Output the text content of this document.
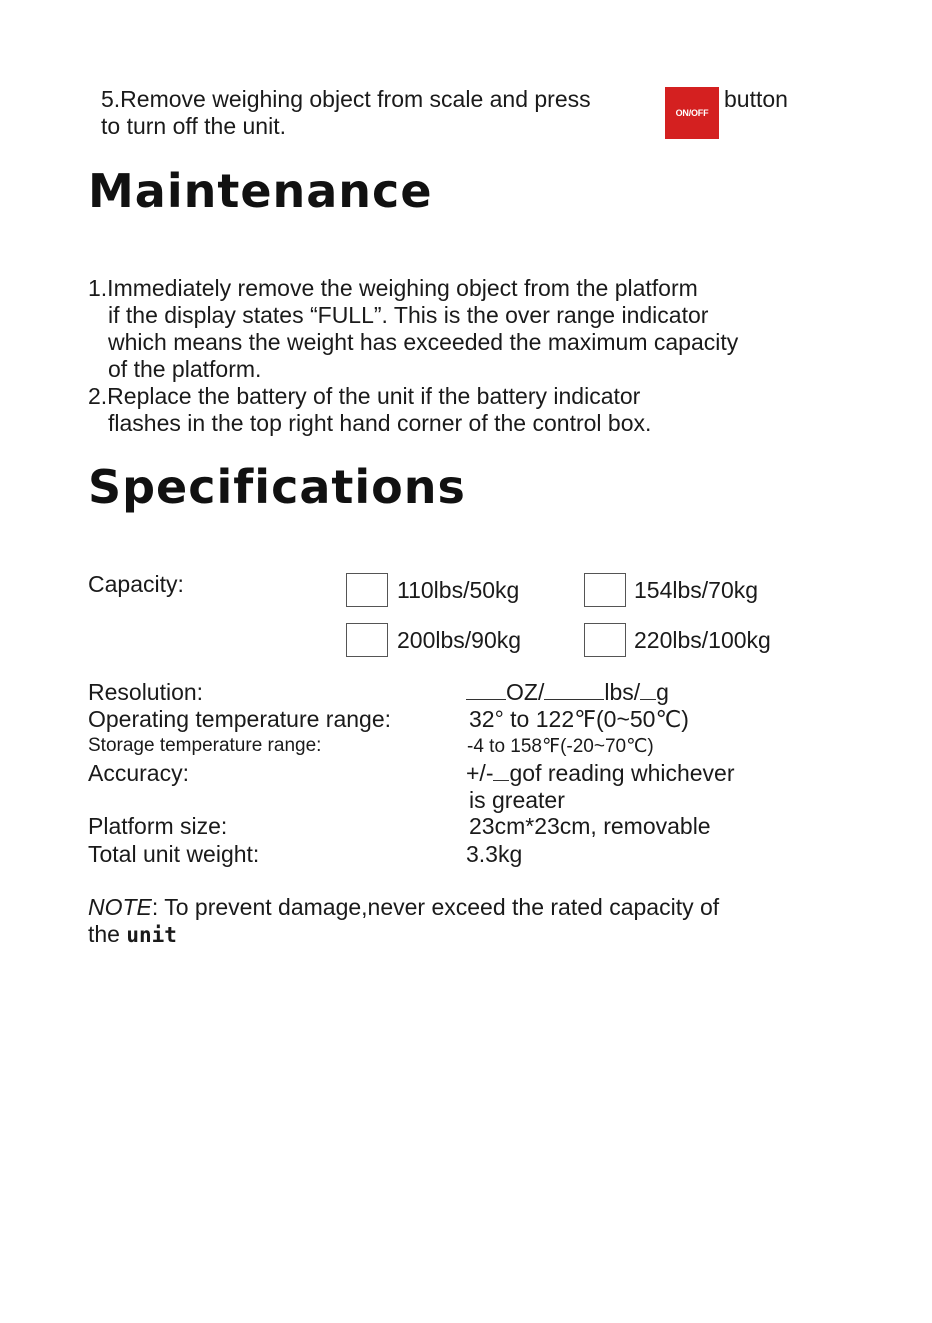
5.Remove weighing object from scale and press
ON/OFF
button
to turn off the unit.
Maintenance
1.Immediately remove the weighing object from the platform
if the display states “FULL”. This is the over range indicator
which means the weight has exceeded the maximum capacity
of the platform.
2.Replace the battery of the unit if the battery indicator
flashes in the top right hand corner of the control box.
Specifications
Capacity:	110lbs/50kg	154lbs/70kg
200lbs/90kg	220lbs/100kg
Resolution:	OZ/	lbs/ g
Operating temperature range:	32° to 122℉(0~50℃)
Storage temperature range:	-4 to 158℉(-20~70℃)
Accuracy:	+/- gof reading whichever
is greater
Platform size:	23cm*23cm, removable
Total unit weight:	3.3kg
NOTE: To prevent damage,never exceed the rated capacity of
the unit
